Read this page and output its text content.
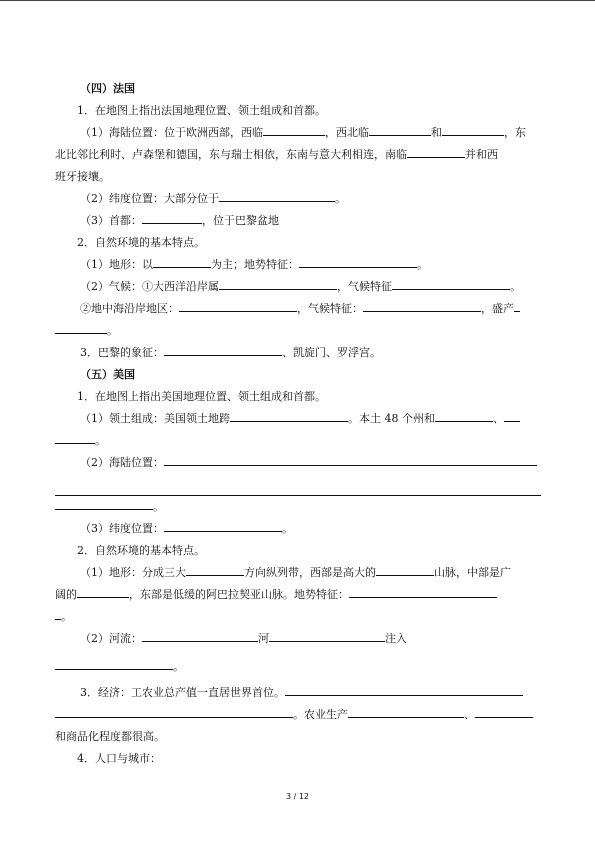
（四）法国
1．在地图上指出法国地理位置、领土组成和首都。
（1）海陆位置：位于欧洲西部，西临	，西北临	和	，东
北比邻比利时、卢森堡和德国，东与瑞士相依，东南与意大利相连，南临	并和西
班牙接壤。
（2）纬度位置：大部分位于	。
（3）首都：	，位于巴黎盆地
2．自然环境的基本特点。
（1）地形：以	为主；地势特征：	。
（2）气候：①大西洋沿岸属	，气候特征	。
②地中海沿岸地区：	，气候特征：	，盛产
。
3．巴黎的象征：	、凯旋门、罗浮宫。
（五）美国
1．在地图上指出美国地理位置、领土组成和首都。
（1）领土组成：美国领土地跨	。本土 48 个州和	、
。
（2）海陆位置：
。
（3）纬度位置：	。
2．自然环境的基本特点。
（1）地形：分成三大	方向纵列带，西部是高大的	山脉，中部是广
阔的	，东部是低缓的阿巴拉契亚山脉。地势特征：
。
（2）河流：	河	注入
。
3．经济：工农业总产值一直居世界首位。
。农业生产	、
和商品化程度都很高。
4．人口与城市：
3 / 12
